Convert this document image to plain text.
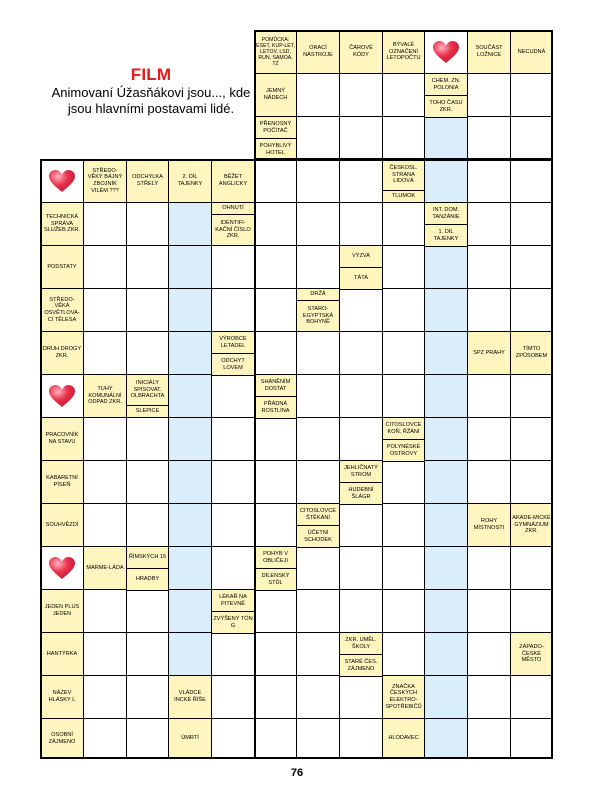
FILM
Animovaní Úžasňákovi jsou..., kde jsou hlavními postavami lidé.
POMŮCKA: ESET, KUP-LET, LETOV, LSD, RUN, SAMOA, TZ
ORACÍ NÁSTROJE
ČÁROVÉ KÓDY
BÝVALÉ OZNAČENÍ LETOPOČTU
SOUČÁST LOŽNICE
NECUDNÁ
JEMNÝ NÁDECH
CHEM. ZN. POLONIA
TOHO ČASU ZKR.
PŘENOSNÝ POČÍTAČ
POHYBLIVÝ HOTEL
STŘEDO-VĚKÝ BÁJNÝ ZBOJNÍK VILÉM ???
ODCHYLKA STŘELY
2. DÍL TAJENKY
BĚŽET ANGLICKY
ČESKOSL. STRANA LIDOVÁ
TLUMOK
TECHNICKÁ SPRÁVA SLUŽEB ZKR.
OHNUTÍ
IDENTIFI-KAČNÍ ČÍSLO ZKR.
INT. DOM. TANZÁNIE
1. DÍL TAJENKY
PODSTATY
VÝZVA
TÁTA
STŘEDO-VĚKÁ OSVĚTLOVA-CÍ TĚLESA
DRŽÁ
STARO-EGYPTSKÁ BOHYNĚ
DRUH DROGY ZKR.
VÝROBCE LETADEL
ODCHYT LOVEM
SPZ PRAHY
TÍMTO ZPŮSOBEM
TUHÝ KOMUNÁLNÍ ODPAD ZKR.
INICIÁLY SPISOVAT. OLBRACHTA
SLEPICE
SHÁNĚNÍM DOSTAT
PŘÁDNÁ ROSTLINA
PRACOVNÍK NA STAVU
CITOSLOVCE KOŇ. ŘŽÁNÍ
POLYNÉSKÉ OSTROVY
KABARETNÍ PÍSEŇ
JEHLIČNATÝ STROM
HUDEBNÍ ŠLÁGR
SOUHVĚZDÍ
CITOSLOVCE ŠTĚKÁNÍ
ÚČETNÍ SCHODEK
ROHY MÍSTNOSTI
AKADE-MICKÉ GYMNÁZIUM ZKR.
MARME-LÁDA
ŘÍMSKÝCH 15
HRADBY
POHYB V OBLIČEJI
DÍLENSKÝ STŮL
JEDEN PLUS JEDEN
LÉKAŘ NA PITEVNĚ
ZVÝŠENÝ TÓN G
HANTÝRKA
ZKR. UMĚL. ŠKOLY
STARÉ ČES. ZÁJMENO
ZÁPADO-ČESKÉ MĚSTO
NÁZEV HLÁSKY L
VLÁDCE INCKÉ ŘÍŠE
ZNAČKA ČESKÝCH ELEKTRO-SPOTŘEBIČŮ
OSOBNÍ ZÁJMENO
ÚMRTÍ	HLODAVEC
76
